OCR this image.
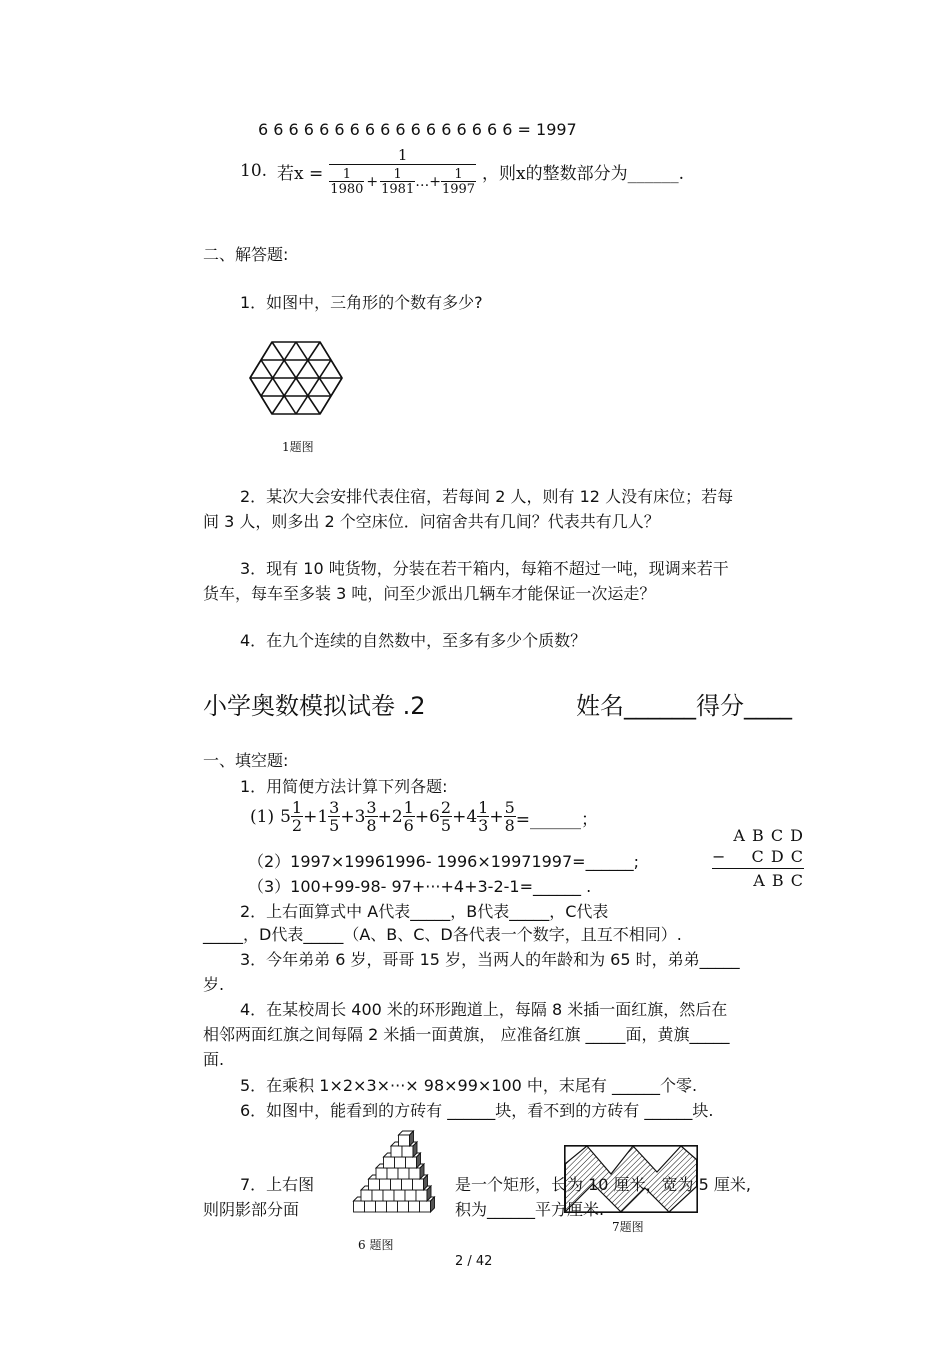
6 6 6 6 6 6 6 6 6 6 6 6 6 6 6 6 6 = 1997
10. 若$x = \frac{1}{\frac{1}{1980} + \frac{1}{1981} \dots+ \frac{1}{1997}}$ ，则x的整数部分为______.
二、解答题:
1．如图中，三角形的个数有多少?
1题图
2．某次大会安排代表住宿，若每间 2 人，则有 12 人没有床位；若每
间 3 人，则多出 2 个空床位．问宿舍共有几间？代表共有几人？
3．现有 10 吨货物，分装在若干箱内，每箱不超过一吨，现调来若干
货车，每车至多装 3 吨，问至少派出几辆车才能保证一次运走？
4．在九个连续的自然数中，至多有多少个质数？
小学奥数模拟试卷 .2	姓名______得分____
一、填空题:
1．用简便方法计算下列各题:
(1) $5 \frac{1}{2} +1 \frac{3}{5} +3 \frac{3}{8} +2 \frac{1}{6} +6 \frac{2}{5} +4 \frac{1}{3} + \frac{5}{8}$ =______；
（2）1997×19961996- 1996×19971997=______;
（3）100+99-98- 97+···+4+3-2-1=______ .
A B C D
− C D C
A B C
2．上右面算式中 A代表_____，B代表_____，C代表
_____，D代表_____（A、B、C、D各代表一个数字，且互不相同）.
3．今年弟弟 6 岁，哥哥 15 岁，当两人的年龄和为 65 时，弟弟_____
岁.
4．在某校周长 400 米的环形跑道上，每隔 8 米插一面红旗，然后在
相邻两面红旗之间每隔 2 米插一面黄旗， 应准备红旗 _____面，黄旗_____
面.
5．在乘积 1×2×3×···× 98×99×100 中，末尾有 ______个零.
6．如图中，能看到的方砖有 ______块，看不到的方砖有 ______块.
6 题图
7．上右图
则阴影部分面
是一个矩形，长为 10 厘米，宽为 5 厘米,
积为______平方厘米.
7题图
2 / 42
